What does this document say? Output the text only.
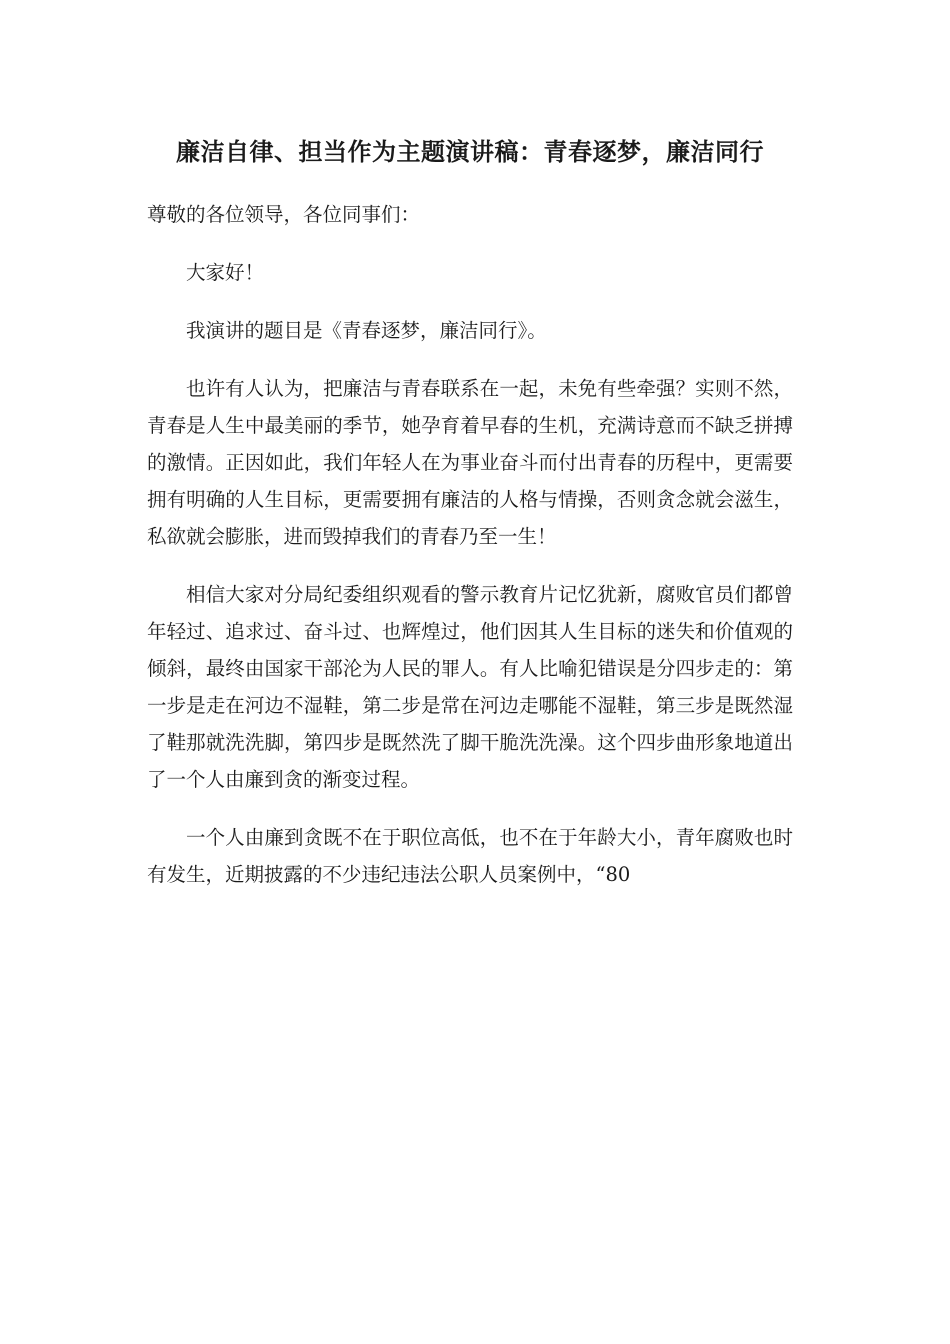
廉洁自律、担当作为主题演讲稿：青春逐梦，廉洁同行

尊敬的各位领导，各位同事们：

大家好！

我演讲的题目是《青春逐梦，廉洁同行》。

也许有人认为，把廉洁与青春联系在一起，未免有些牵强？实则不然，青春是人生中最美丽的季节，她孕育着早春的生机，充满诗意而不缺乏拼搏的激情。正因如此，我们年轻人在为事业奋斗而付出青春的历程中，更需要拥有明确的人生目标，更需要拥有廉洁的人格与情操，否则贪念就会滋生，私欲就会膨胀，进而毁掉我们的青春乃至一生！

相信大家对分局纪委组织观看的警示教育片记忆犹新，腐败官员们都曾年轻过、追求过、奋斗过、也辉煌过，他们因其人生目标的迷失和价值观的倾斜，最终由国家干部沦为人民的罪人。有人比喻犯错误是分四步走的：第一步是走在河边不湿鞋，第二步是常在河边走哪能不湿鞋，第三步是既然湿了鞋那就洗洗脚，第四步是既然洗了脚干脆洗洗澡。这个四步曲形象地道出了一个人由廉到贪的渐变过程。

一个人由廉到贪既不在于职位高低，也不在于年龄大小，青年腐败也时有发生，近期披露的不少违纪违法公职人员案例中，“80
